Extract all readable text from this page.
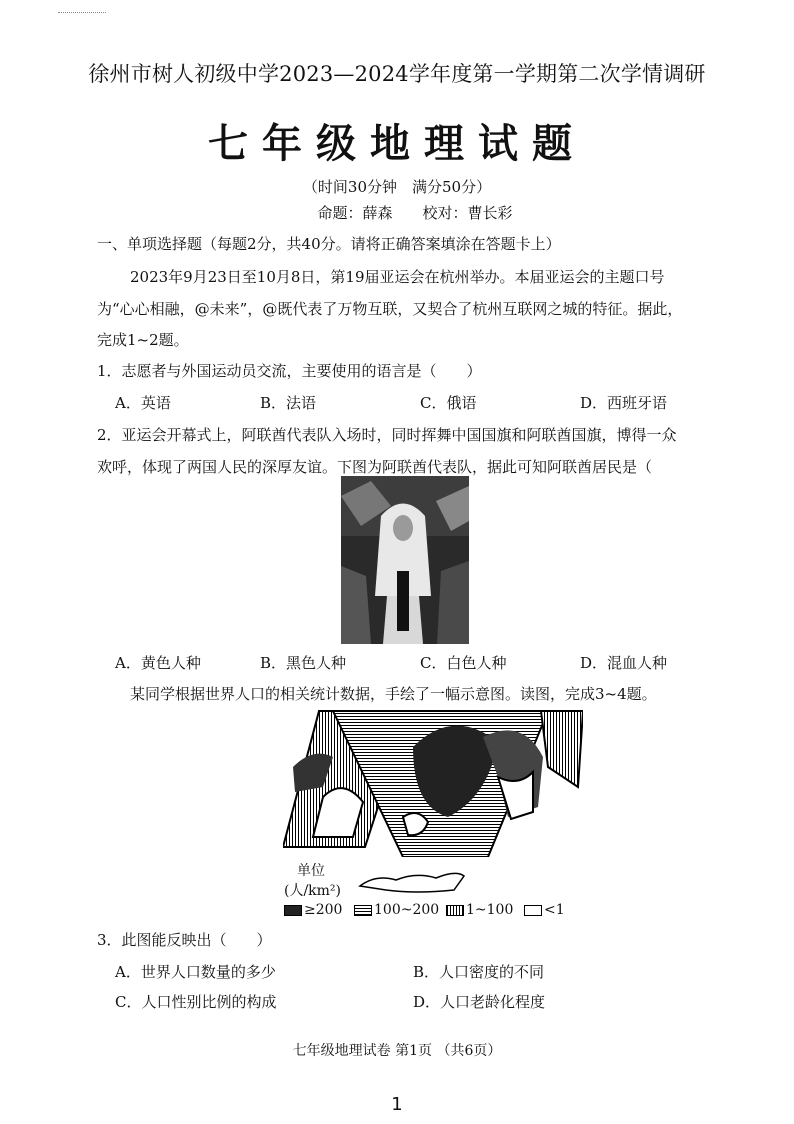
徐州市树人初级中学2023—2024学年度第一学期第二次学情调研
七年级地理试题
（时间30分钟　满分50分）
命题：薛森　　校对：曹长彩
一、单项选择题（每题2分，共40分。请将正确答案填涂在答题卡上）
2023年9月23日至10月8日，第19届亚运会在杭州举办。本届亚运会的主题口号
为“心心相融，@未来”，@既代表了万物互联，又契合了杭州互联网之城的特征。据此，
完成1~2题。
1．志愿者与外国运动员交流，主要使用的语言是（　　）
A．英语	B．法语	C．俄语	D．西班牙语
2．亚运会开幕式上，阿联酋代表队入场时，同时挥舞中国国旗和阿联酋国旗，博得一众
欢呼，体现了两国人民的深厚友谊。下图为阿联酋代表队，据此可知阿联酋居民是（
A．黄色人种	B．黑色人种	C．白色人种	D．混血人种
某同学根据世界人口的相关统计数据，手绘了一幅示意图。读图，完成3~4题。
单位
(人/km²)
≥200	100~200	1~100	<1
3．此图能反映出（　　）
A．世界人口数量的多少	B．人口密度的不同
C．人口性别比例的构成	D．人口老龄化程度
七年级地理试卷 第1页 （共6页）
1
